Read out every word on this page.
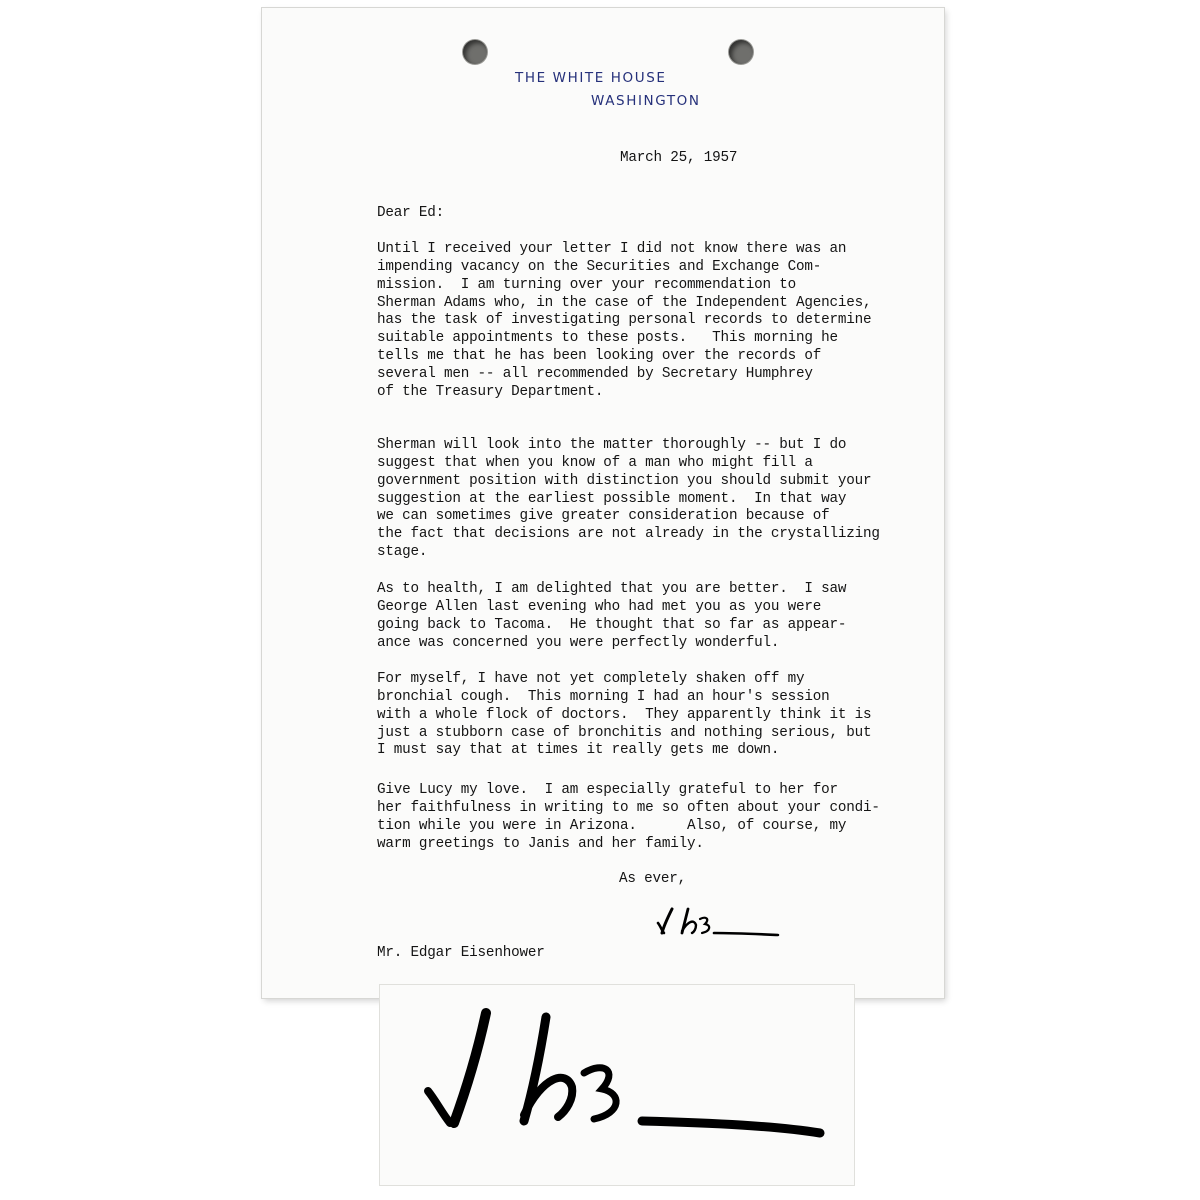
THE WHITE HOUSE
WASHINGTON
March 25, 1957
Dear Ed:
Until I received your letter I did not know there was an
impending vacancy on the Securities and Exchange Com-
mission.  I am turning over your recommendation to
Sherman Adams who, in the case of the Independent Agencies,
has the task of investigating personal records to determine
suitable appointments to these posts.   This morning he
tells me that he has been looking over the records of
several men -- all recommended by Secretary Humphrey
of the Treasury Department.
Sherman will look into the matter thoroughly -- but I do
suggest that when you know of a man who might fill a
government position with distinction you should submit your
suggestion at the earliest possible moment.  In that way
we can sometimes give greater consideration because of
the fact that decisions are not already in the crystallizing
stage.
As to health, I am delighted that you are better.  I saw
George Allen last evening who had met you as you were
going back to Tacoma.  He thought that so far as appear-
ance was concerned you were perfectly wonderful.
For myself, I have not yet completely shaken off my
bronchial cough.  This morning I had an hour's session
with a whole flock of doctors.  They apparently think it is
just a stubborn case of bronchitis and nothing serious, but
I must say that at times it really gets me down.
Give Lucy my love.  I am especially grateful to her for
her faithfulness in writing to me so often about your condi-
tion while you were in Arizona.      Also, of course, my
warm greetings to Janis and her family.
As ever,
Mr. Edgar Eisenhower
